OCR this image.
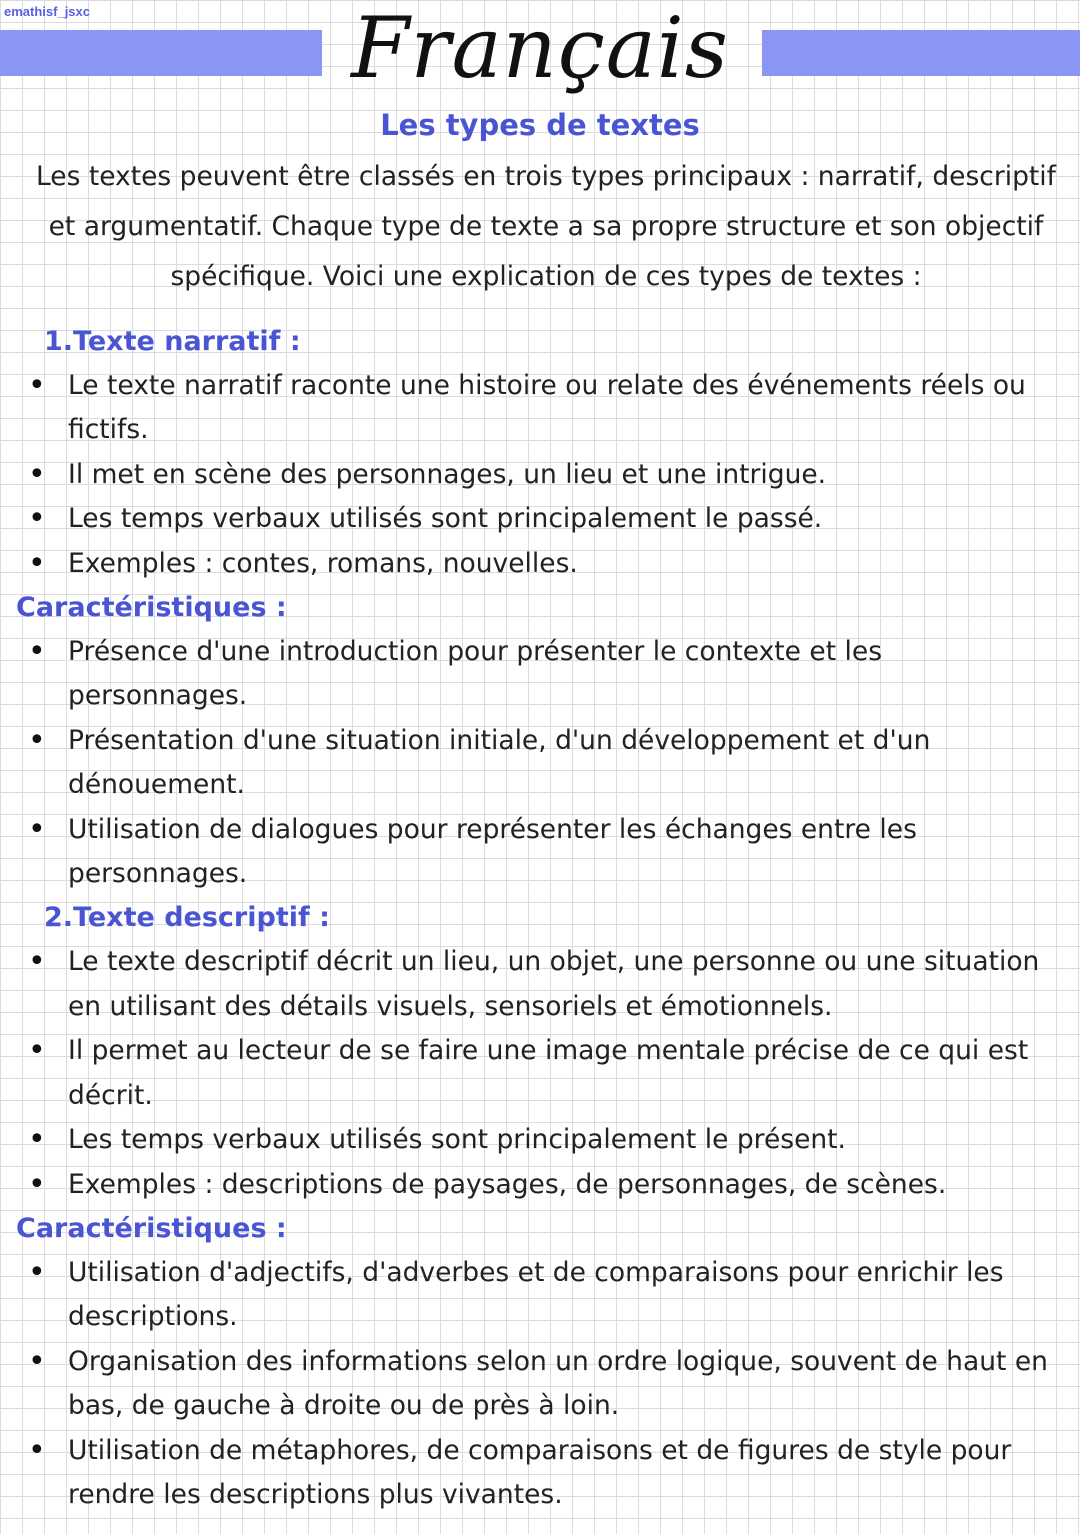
emathisf_jsxc	Français
Les types de textes
Les textes peuvent être classés en trois types principaux : narratif, descriptif et argumentatif. Chaque type de texte a sa propre structure et son objectif spécifique. Voici une explication de ces types de textes :
1.Texte narratif :
• Le texte narratif raconte une histoire ou relate des événements réels ou fictifs.
• Il met en scène des personnages, un lieu et une intrigue.
• Les temps verbaux utilisés sont principalement le passé.
• Exemples : contes, romans, nouvelles.
Caractéristiques :
• Présence d'une introduction pour présenter le contexte et les personnages.
• Présentation d'une situation initiale, d'un développement et d'un dénouement.
• Utilisation de dialogues pour représenter les échanges entre les personnages.
2.Texte descriptif :
• Le texte descriptif décrit un lieu, un objet, une personne ou une situation en utilisant des détails visuels, sensoriels et émotionnels.
• Il permet au lecteur de se faire une image mentale précise de ce qui est décrit.
• Les temps verbaux utilisés sont principalement le présent.
• Exemples : descriptions de paysages, de personnages, de scènes.
Caractéristiques :
• Utilisation d'adjectifs, d'adverbes et de comparaisons pour enrichir les descriptions.
• Organisation des informations selon un ordre logique, souvent de haut en bas, de gauche à droite ou de près à loin.
• Utilisation de métaphores, de comparaisons et de figures de style pour rendre les descriptions plus vivantes.
